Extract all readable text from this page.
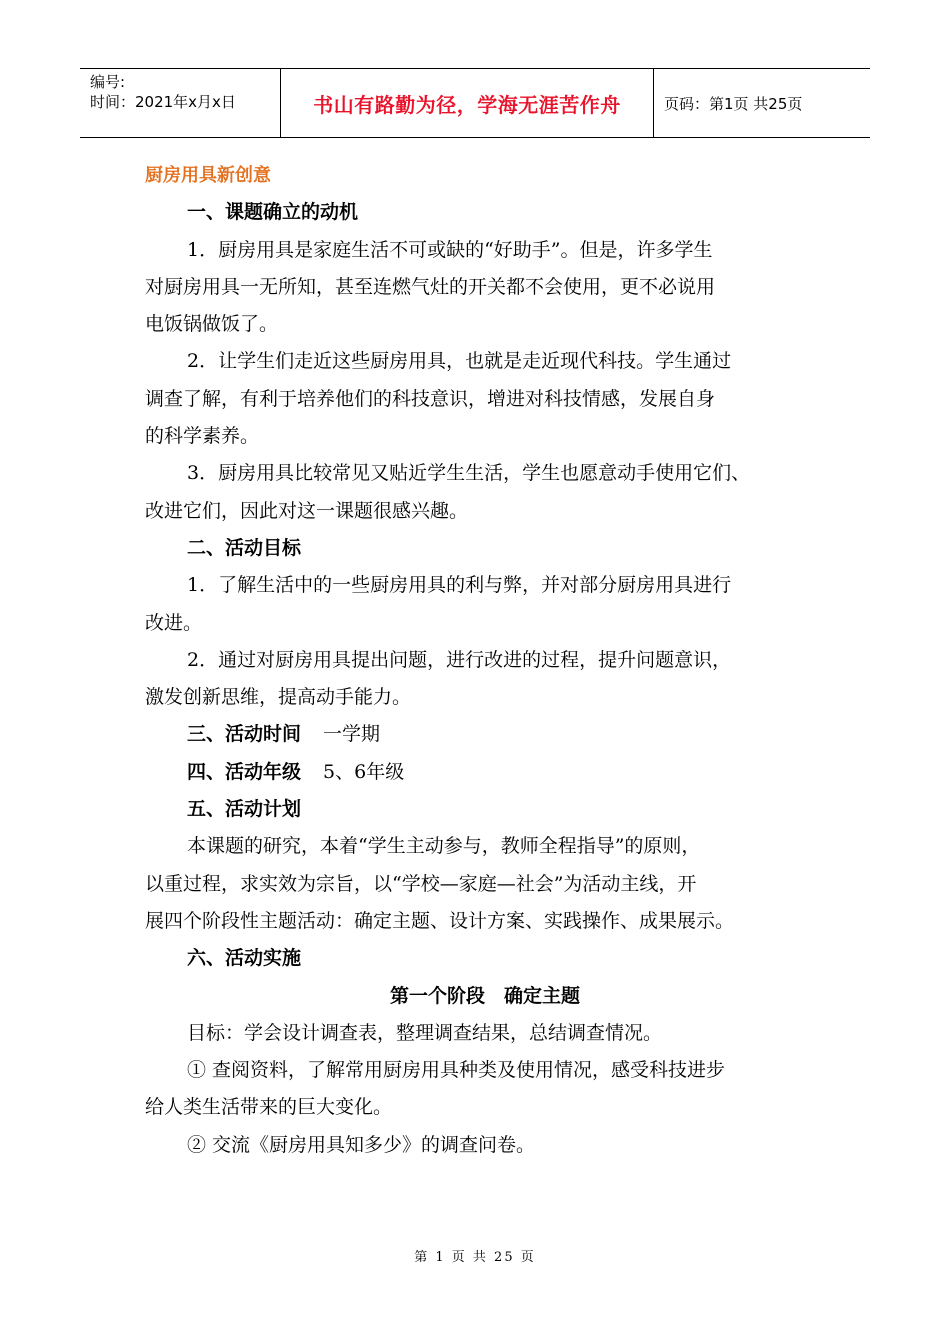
编号:
时间：2021年x月x日	书山有路勤为径，学海无涯苦作舟	页码：第1页 共25页
厨房用具新创意
一、课题确立的动机
1．厨房用具是家庭生活不可或缺的“好助手”。但是，许多学生
对厨房用具一无所知，甚至连燃气灶的开关都不会使用，更不必说用
电饭锅做饭了。
2．让学生们走近这些厨房用具，也就是走近现代科技。学生通过
调查了解，有利于培养他们的科技意识，增进对科技情感，发展自身
的科学素养。
3．厨房用具比较常见又贴近学生生活，学生也愿意动手使用它们、
改进它们，因此对这一课题很感兴趣。
二、活动目标
1．了解生活中的一些厨房用具的利与弊，并对部分厨房用具进行
改进。
2．通过对厨房用具提出问题，进行改进的过程，提升问题意识，
激发创新思维，提高动手能力。
三、活动时间 一学期
四、活动年级 5、6年级
五、活动计划
本课题的研究，本着“学生主动参与，教师全程指导”的原则，
以重过程，求实效为宗旨，以“学校—家庭—社会”为活动主线，开
展四个阶段性主题活动：确定主题、设计方案、实践操作、成果展示。
六、活动实施
第一个阶段　确定主题
目标：学会设计调查表，整理调查结果，总结调查情况。
① 查阅资料，了解常用厨房用具种类及使用情况，感受科技进步
给人类生活带来的巨大变化。
② 交流《厨房用具知多少》的调查问卷。
第 1 页 共 25 页
